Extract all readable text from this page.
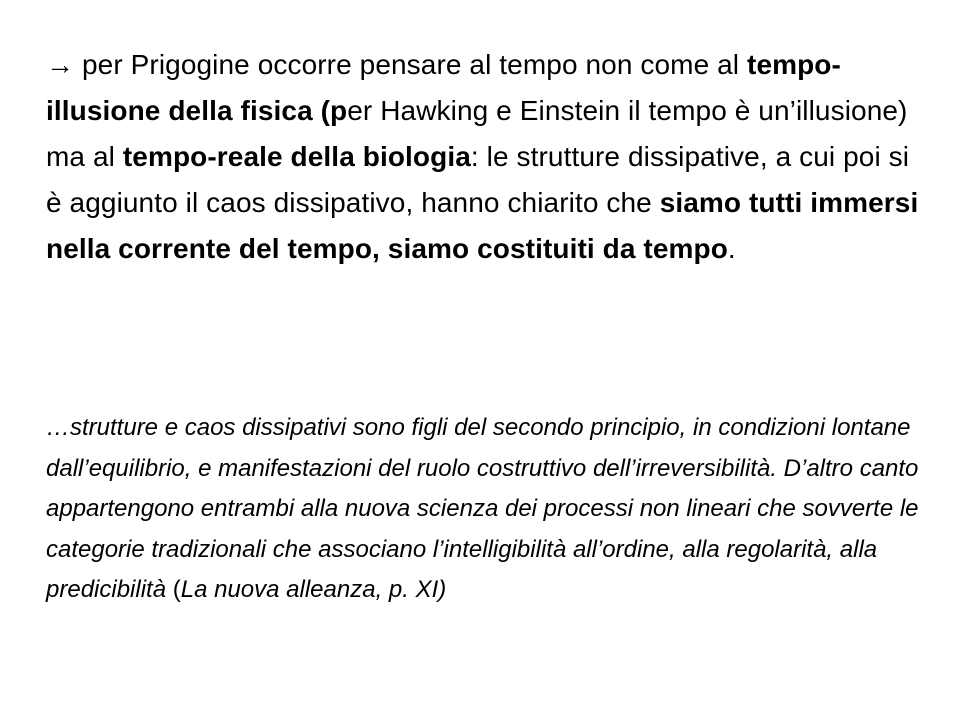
→ per Prigogine occorre pensare al tempo non come al tempo-illusione della fisica (per Hawking e Einstein il tempo è un’illusione) ma al tempo-reale della biologia: le strutture dissipative, a cui poi si è aggiunto il caos dissipativo, hanno chiarito che siamo tutti immersi nella corrente del tempo, siamo costituiti da tempo.

…strutture e caos dissipativi sono figli del secondo principio, in condizioni lontane dall’equilibrio, e manifestazioni del ruolo costruttivo dell’irreversibilità. D’altro canto appartengono entrambi alla nuova scienza dei processi non lineari che sovverte le categorie tradizionali che associano l’intelligibilità all’ordine, alla regolarità, alla predicibilità (La nuova alleanza, p. XI)
